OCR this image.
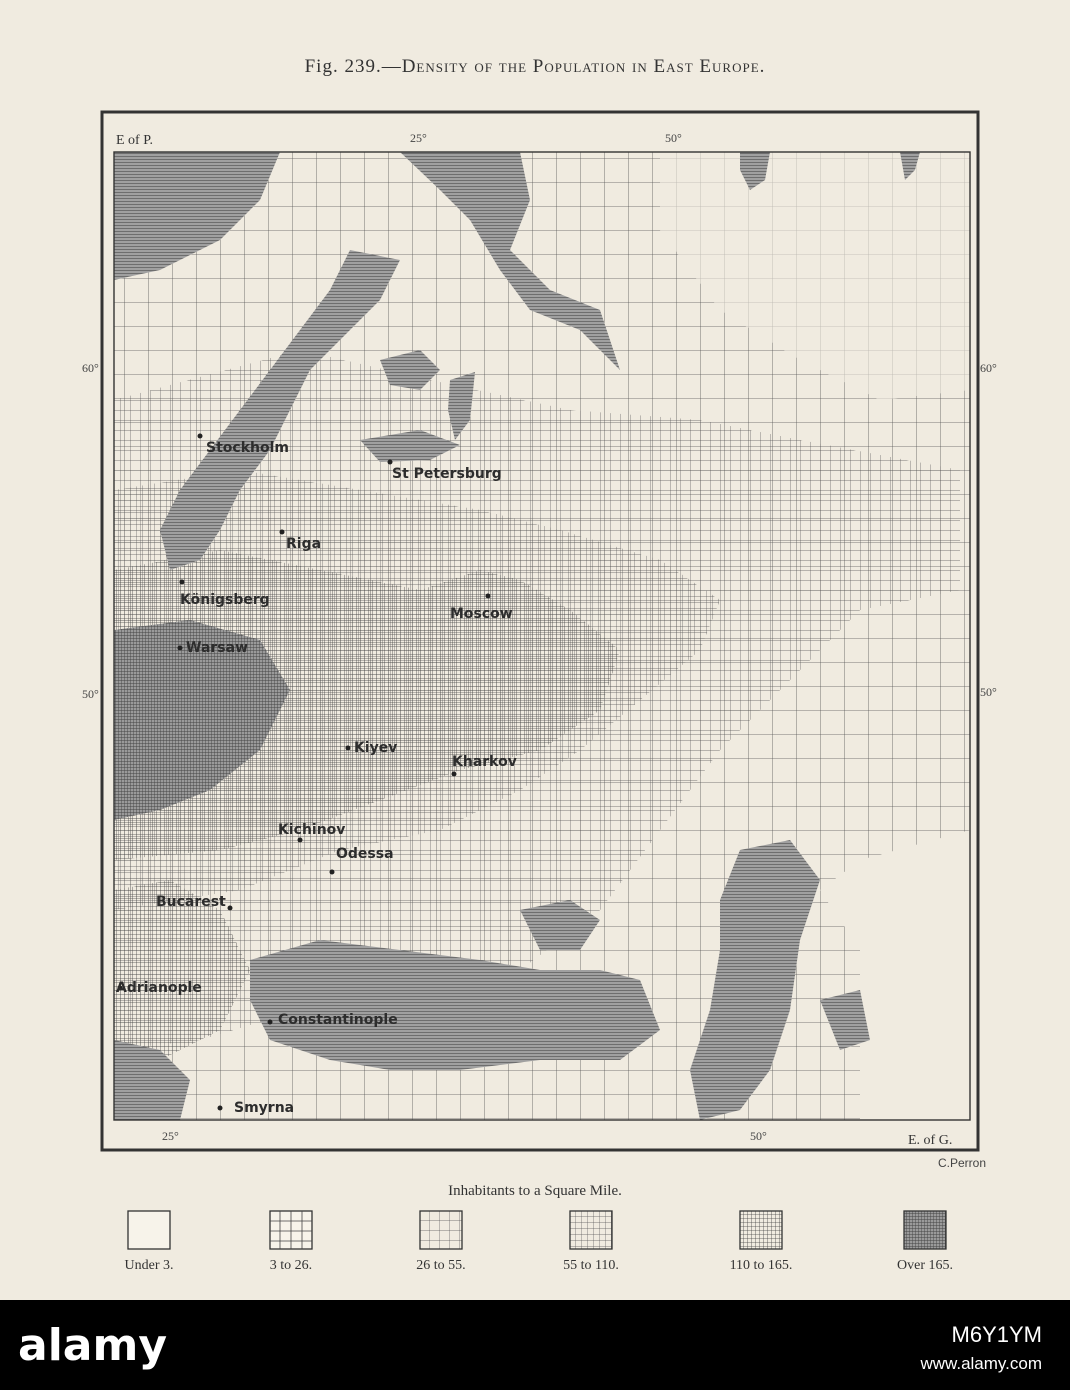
Fig. 239.—Density of the Population in East Europe.
E of P.
E. of G.
25°	50°
25°	50°
60°
50°
60°
50°
Stockholm
St Petersburg
Riga
Königsberg
Moscow
Warsaw
Kiyev
Kharkov
Kichinov
Odessa
Bucarest
Adrianople
Constantinople
Smyrna
C.Perron
Inhabitants to a Square Mile.
Under 3.	3 to 26.	26 to 55.	55 to 110.	110 to 165.	Over 165.
alamy	M6Y1YM
www.alamy.com
